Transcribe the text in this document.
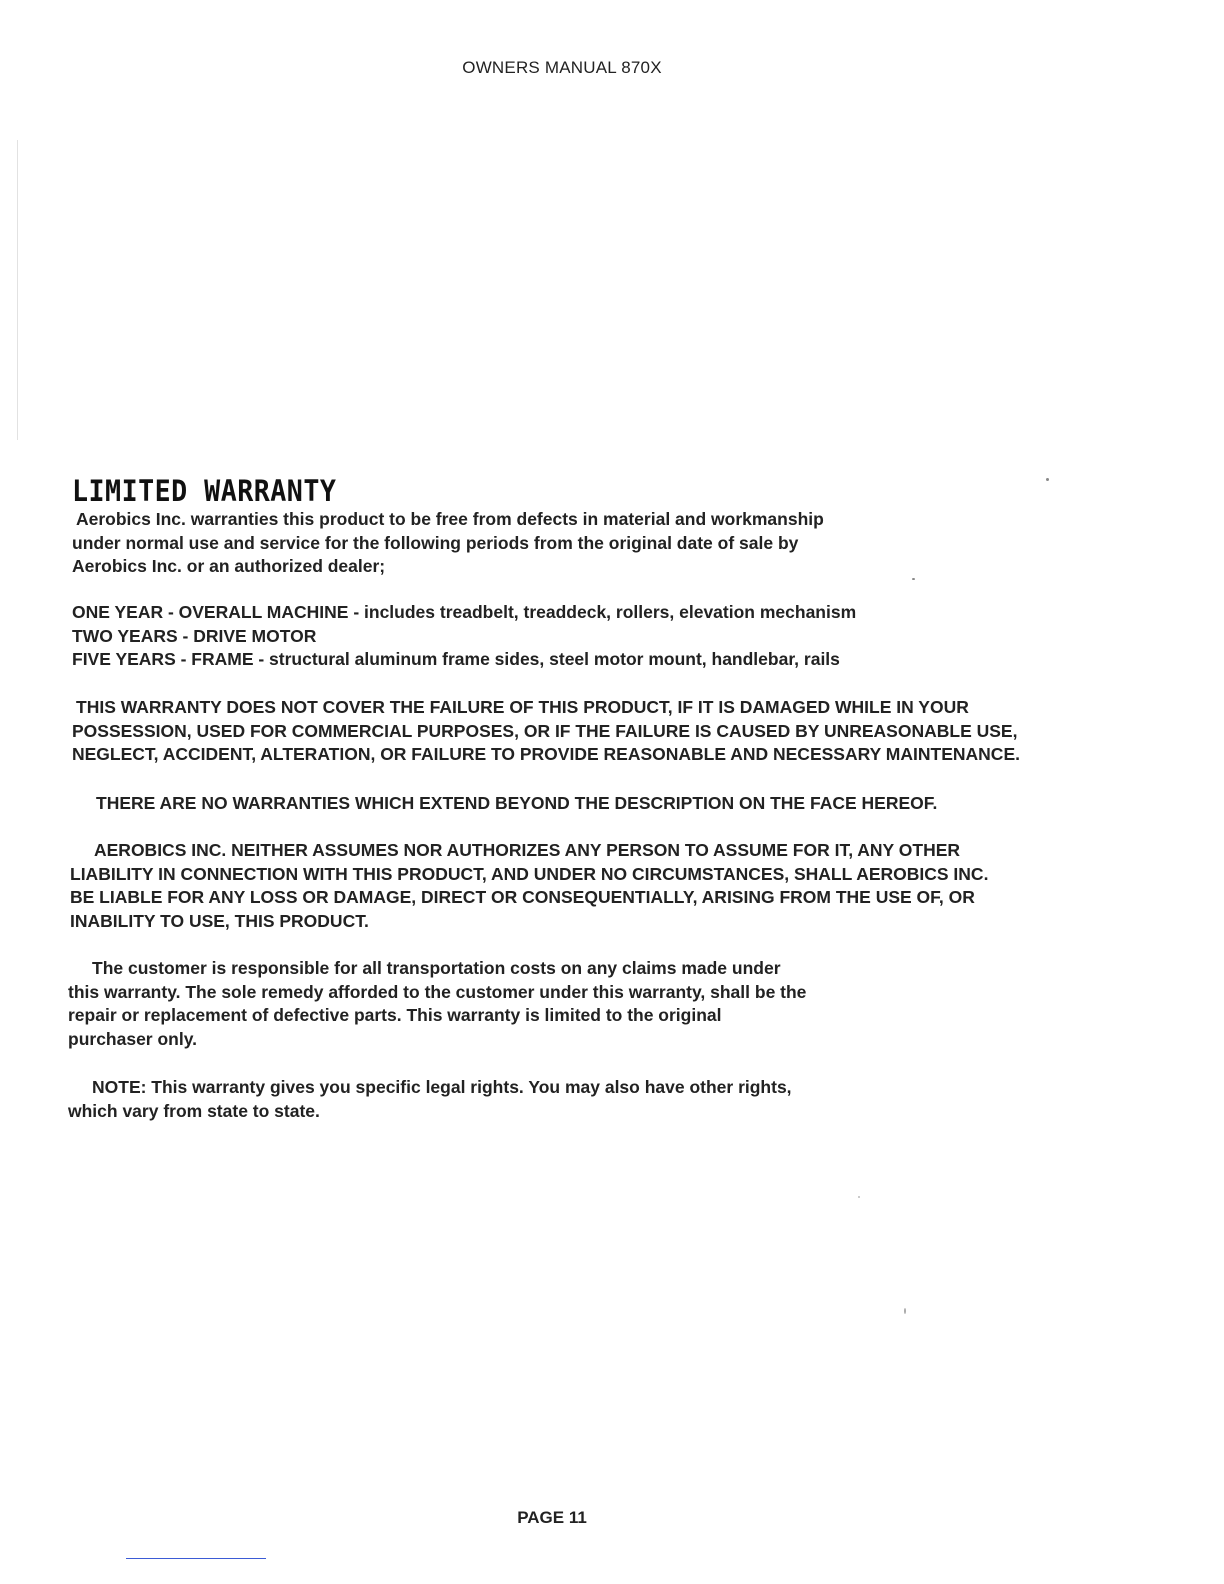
OWNERS MANUAL 870X
LIMITED WARRANTY
Aerobics Inc. warranties this product to be free from defects in material and workmanship
under normal use and service for the following periods from the original date of sale by
Aerobics Inc. or an authorized dealer;
ONE YEAR - OVERALL MACHINE - includes treadbelt, treaddeck, rollers, elevation mechanism
TWO YEARS - DRIVE MOTOR
FIVE YEARS - FRAME - structural aluminum frame sides, steel motor mount, handlebar, rails
THIS WARRANTY DOES NOT COVER THE FAILURE OF THIS PRODUCT, IF IT IS DAMAGED WHILE IN YOUR
POSSESSION, USED FOR COMMERCIAL PURPOSES, OR IF THE FAILURE IS CAUSED BY UNREASONABLE USE,
NEGLECT, ACCIDENT, ALTERATION, OR FAILURE TO PROVIDE REASONABLE AND NECESSARY MAINTENANCE.
THERE ARE NO WARRANTIES WHICH EXTEND BEYOND THE DESCRIPTION ON THE FACE HEREOF.
AEROBICS INC. NEITHER ASSUMES NOR AUTHORIZES ANY PERSON TO ASSUME FOR IT, ANY OTHER
LIABILITY IN CONNECTION WITH THIS PRODUCT, AND UNDER NO CIRCUMSTANCES, SHALL AEROBICS INC.
BE LIABLE FOR ANY LOSS OR DAMAGE, DIRECT OR CONSEQUENTIALLY, ARISING FROM THE USE OF, OR
INABILITY TO USE, THIS PRODUCT.
The customer is responsible for all transportation costs on any claims made under
this warranty. The sole remedy afforded to the customer under this warranty, shall be the
repair or replacement of defective parts. This warranty is limited to the original
purchaser only.
NOTE: This warranty gives you specific legal rights. You may also have other rights,
which vary from state to state.
PAGE 11
